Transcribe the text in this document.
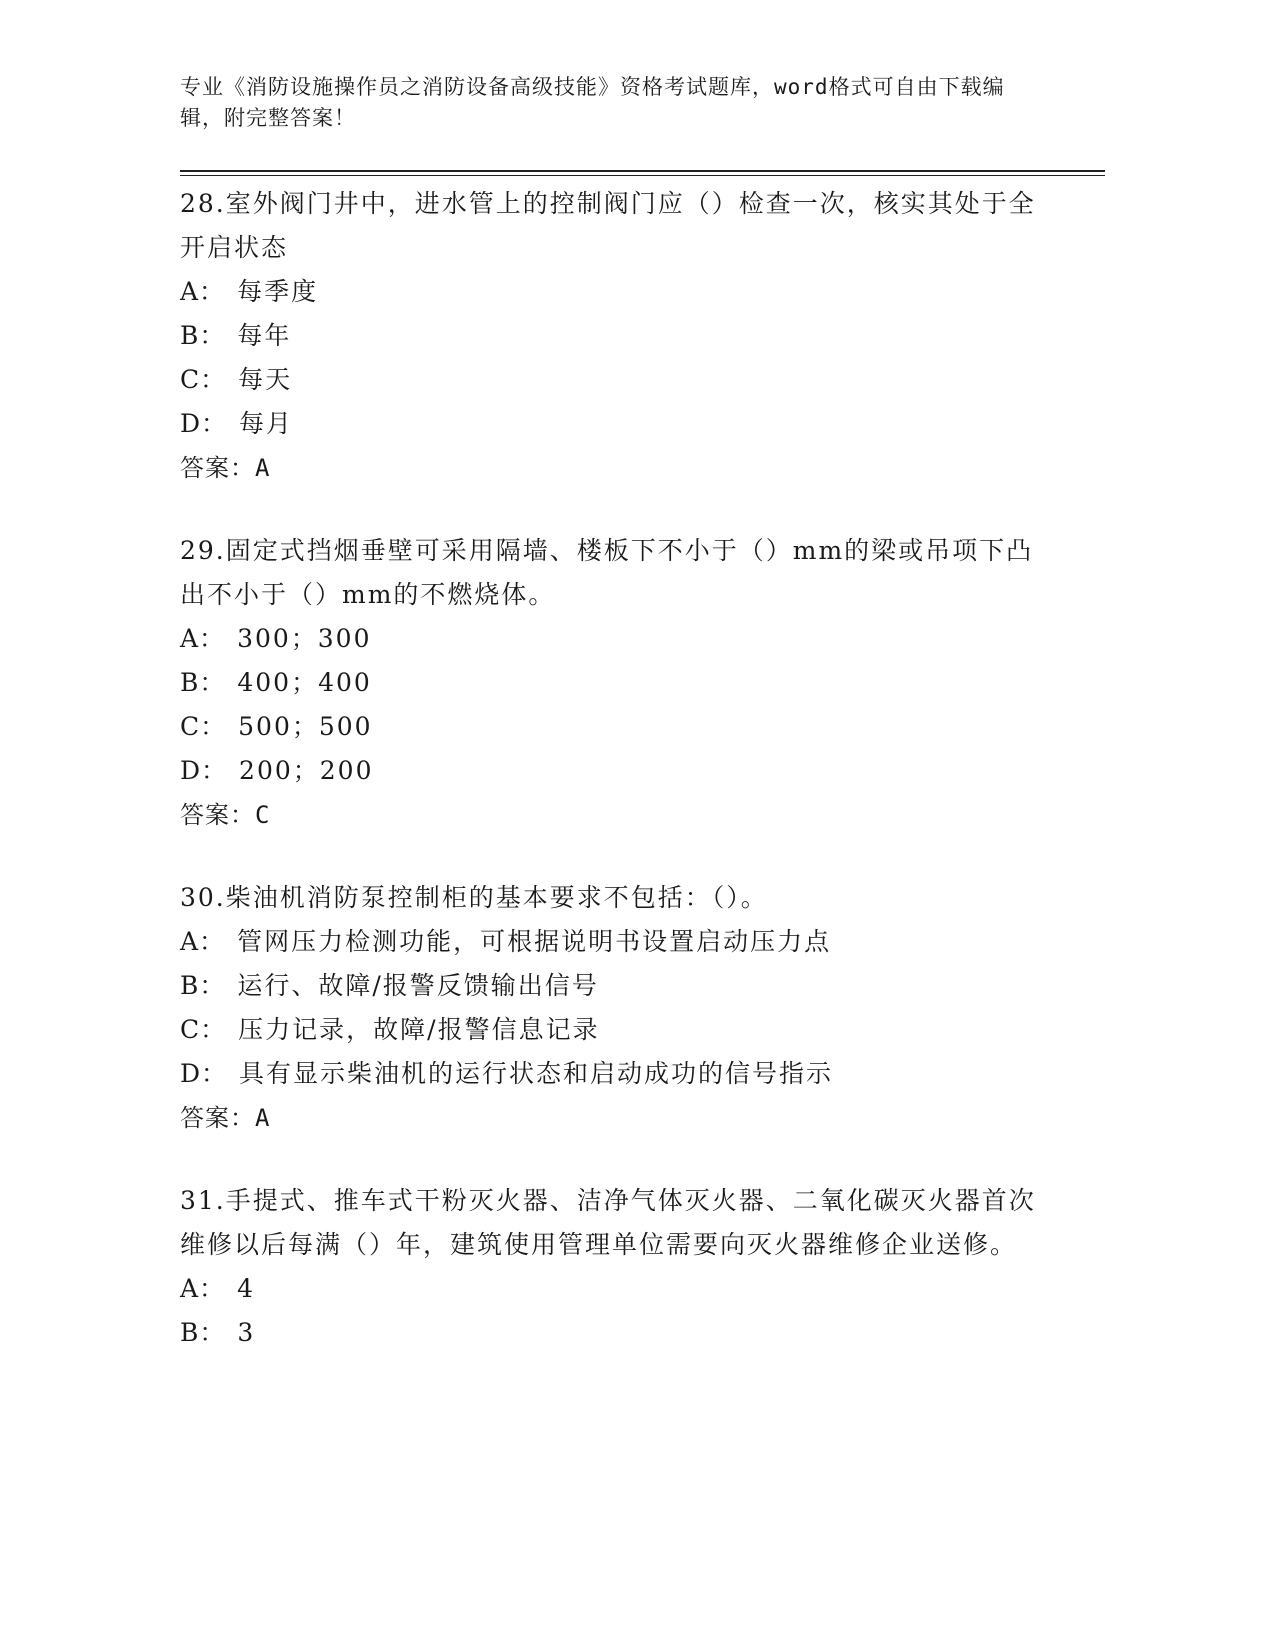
专业《消防设施操作员之消防设备高级技能》资格考试题库，word格式可自由下载编辑，附完整答案！

28.室外阀门井中，进水管上的控制阀门应（）检查一次，核实其处于全开启状态

A： 每季度
B： 每年
C： 每天
D： 每月
答案：A

29.固定式挡烟垂壁可采用隔墙、楼板下不小于（）mm的梁或吊项下凸出不小于（）mm的不燃烧体。

A： 300；300
B： 400；400
C： 500；500
D： 200；200
答案：C

30.柴油机消防泵控制柜的基本要求不包括：（）。

A： 管网压力检测功能，可根据说明书设置启动压力点
B： 运行、故障/报警反馈输出信号
C： 压力记录，故障/报警信息记录
D： 具有显示柴油机的运行状态和启动成功的信号指示
答案：A

31.手提式、推车式干粉灭火器、洁净气体灭火器、二氧化碳灭火器首次维修以后每满（）年，建筑使用管理单位需要向灭火器维修企业送修。

A： 4
B： 3
